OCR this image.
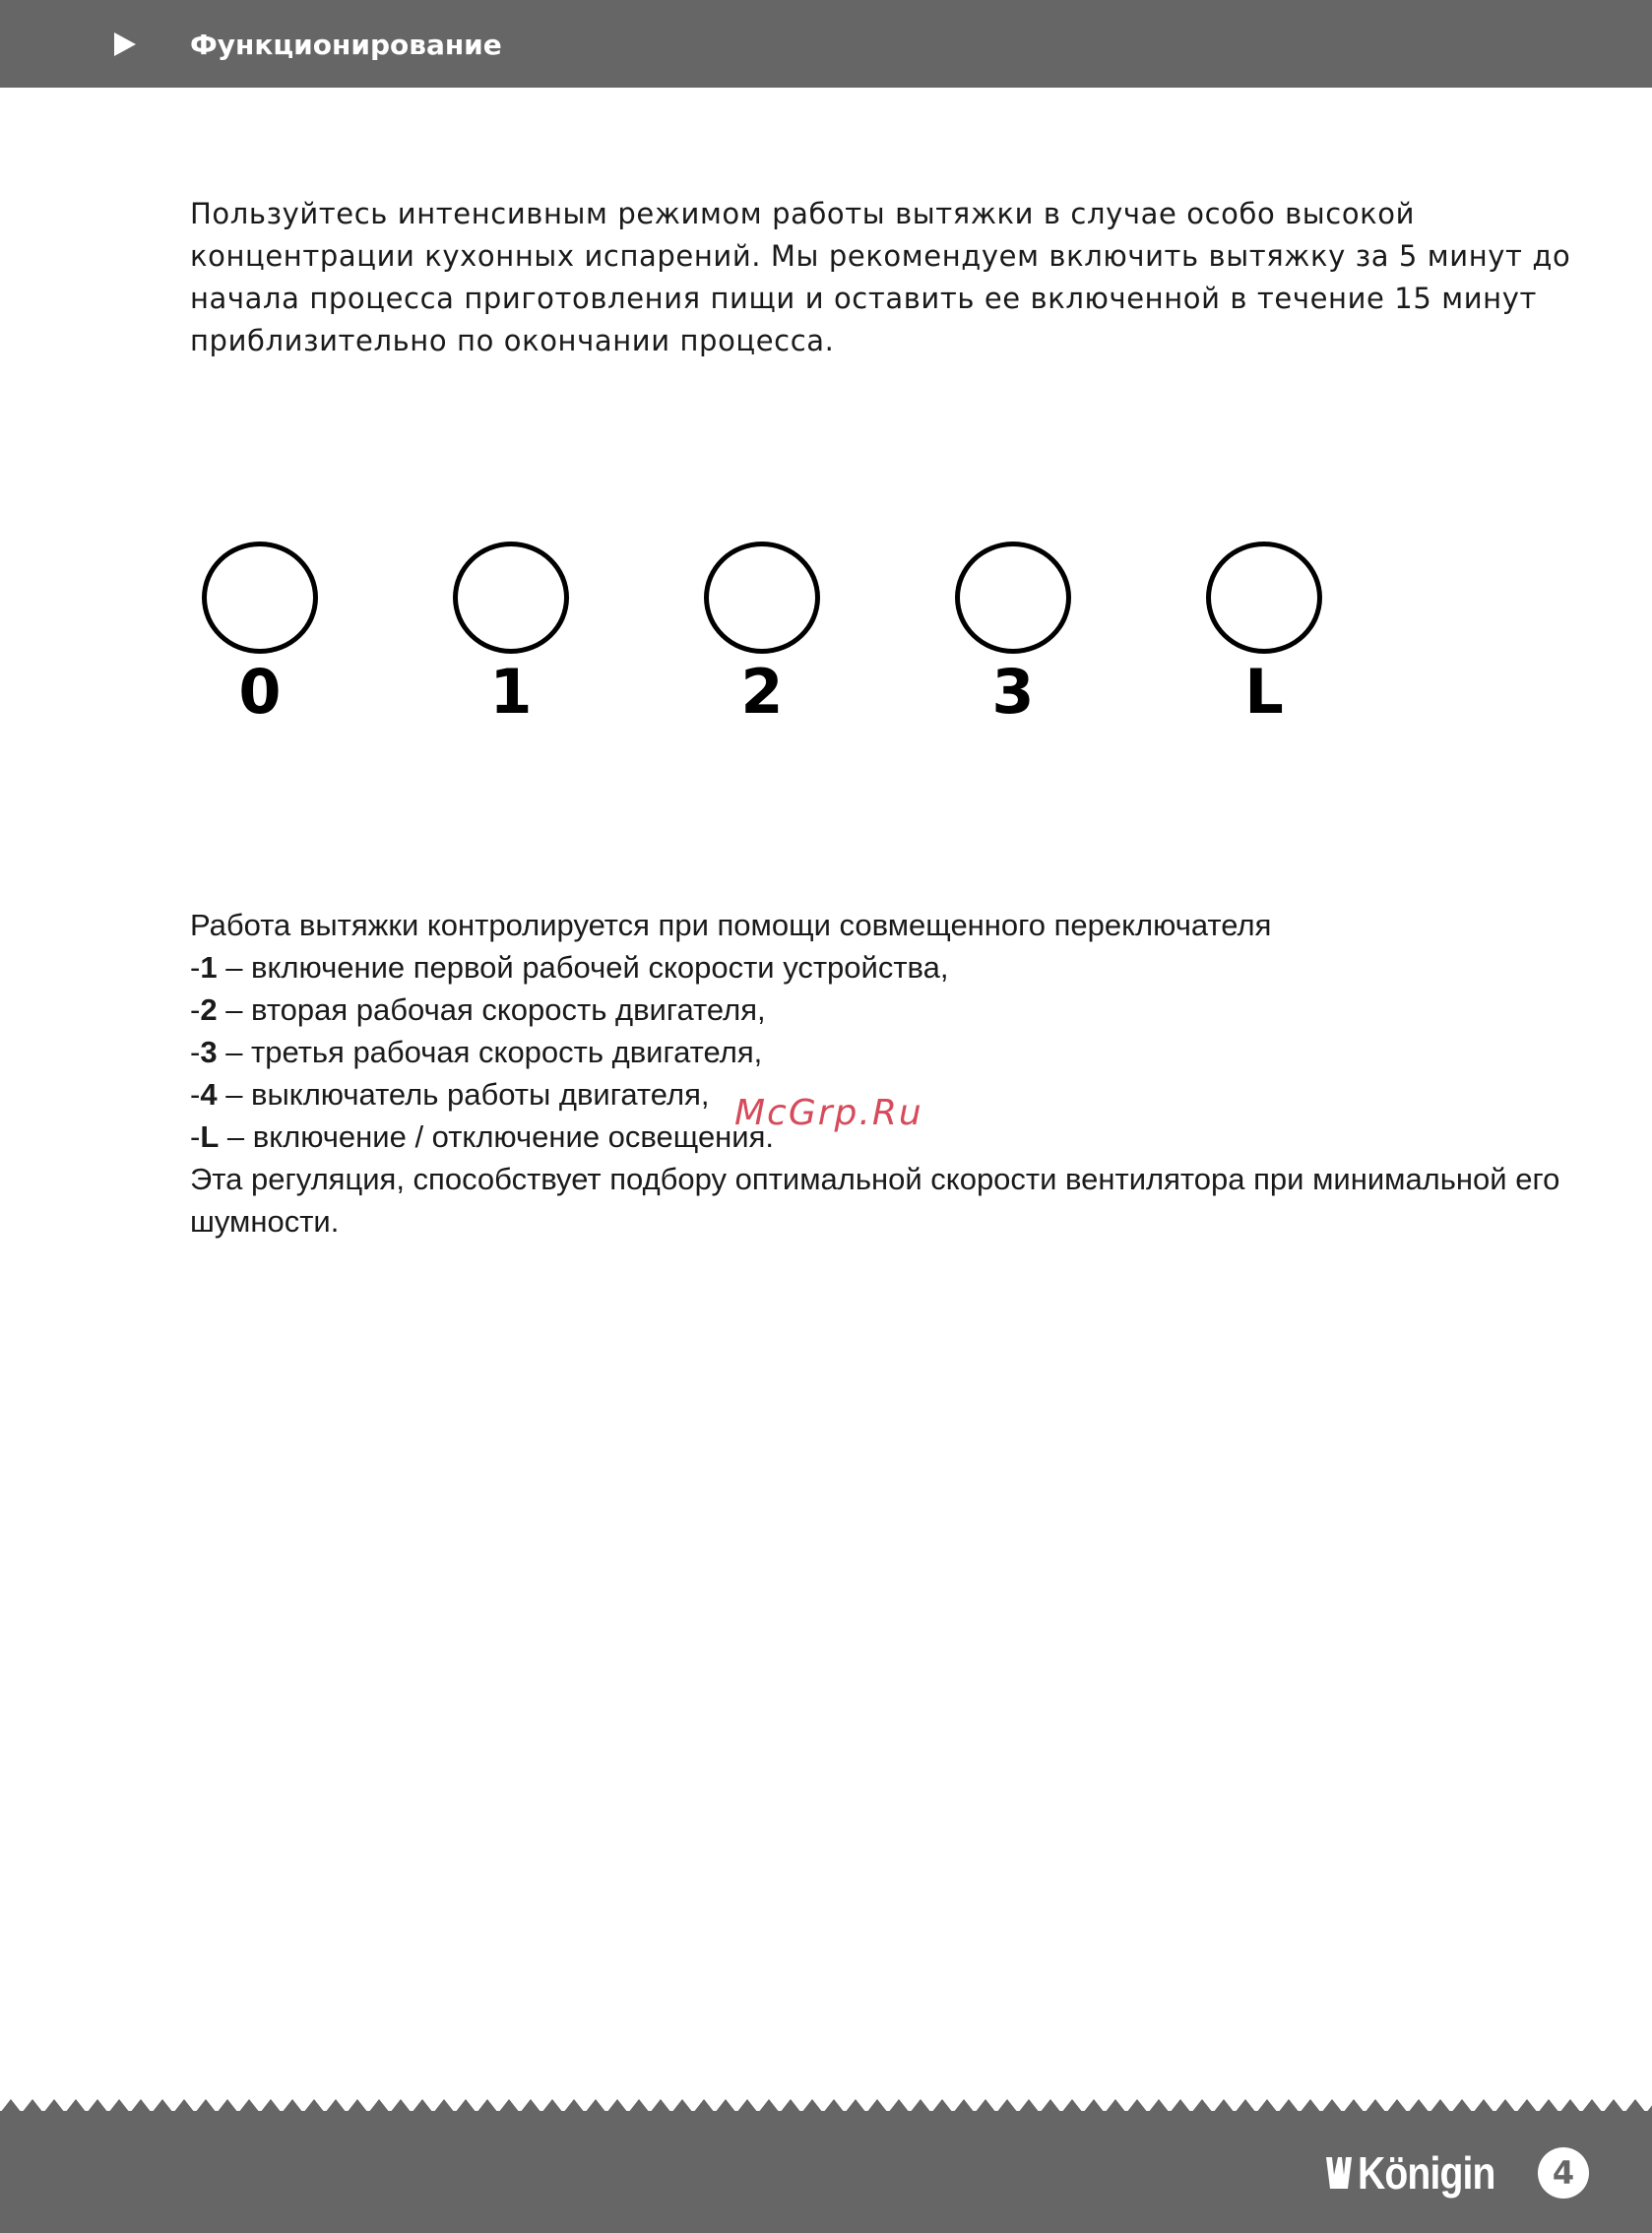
Функционирование

Пользуйтесь интенсивным режимом работы вытяжки в случае особо высокой концентрации кухонных испарений. Мы рекомендуем включить вытяжку за 5 минут до начала процесса приготовления пищи и оставить ее включенной в течение 15 минут приблизительно по окончании процесса.

0	1	2	3	L
Работа вытяжки контролируется при помощи совмещенного переключателя
-1 – включение первой рабочей скорости устройства,
-2 – вторая рабочая скорость двигателя,
-3 – третья рабочая скорость двигателя,
-4 – выключатель работы двигателя,
-L – включение / отключение освещения.
Эта регуляция, способствует подбору оптимальной скорости вентилятора при минимальной его шумности.
McGrp.Ru
Königin	4
